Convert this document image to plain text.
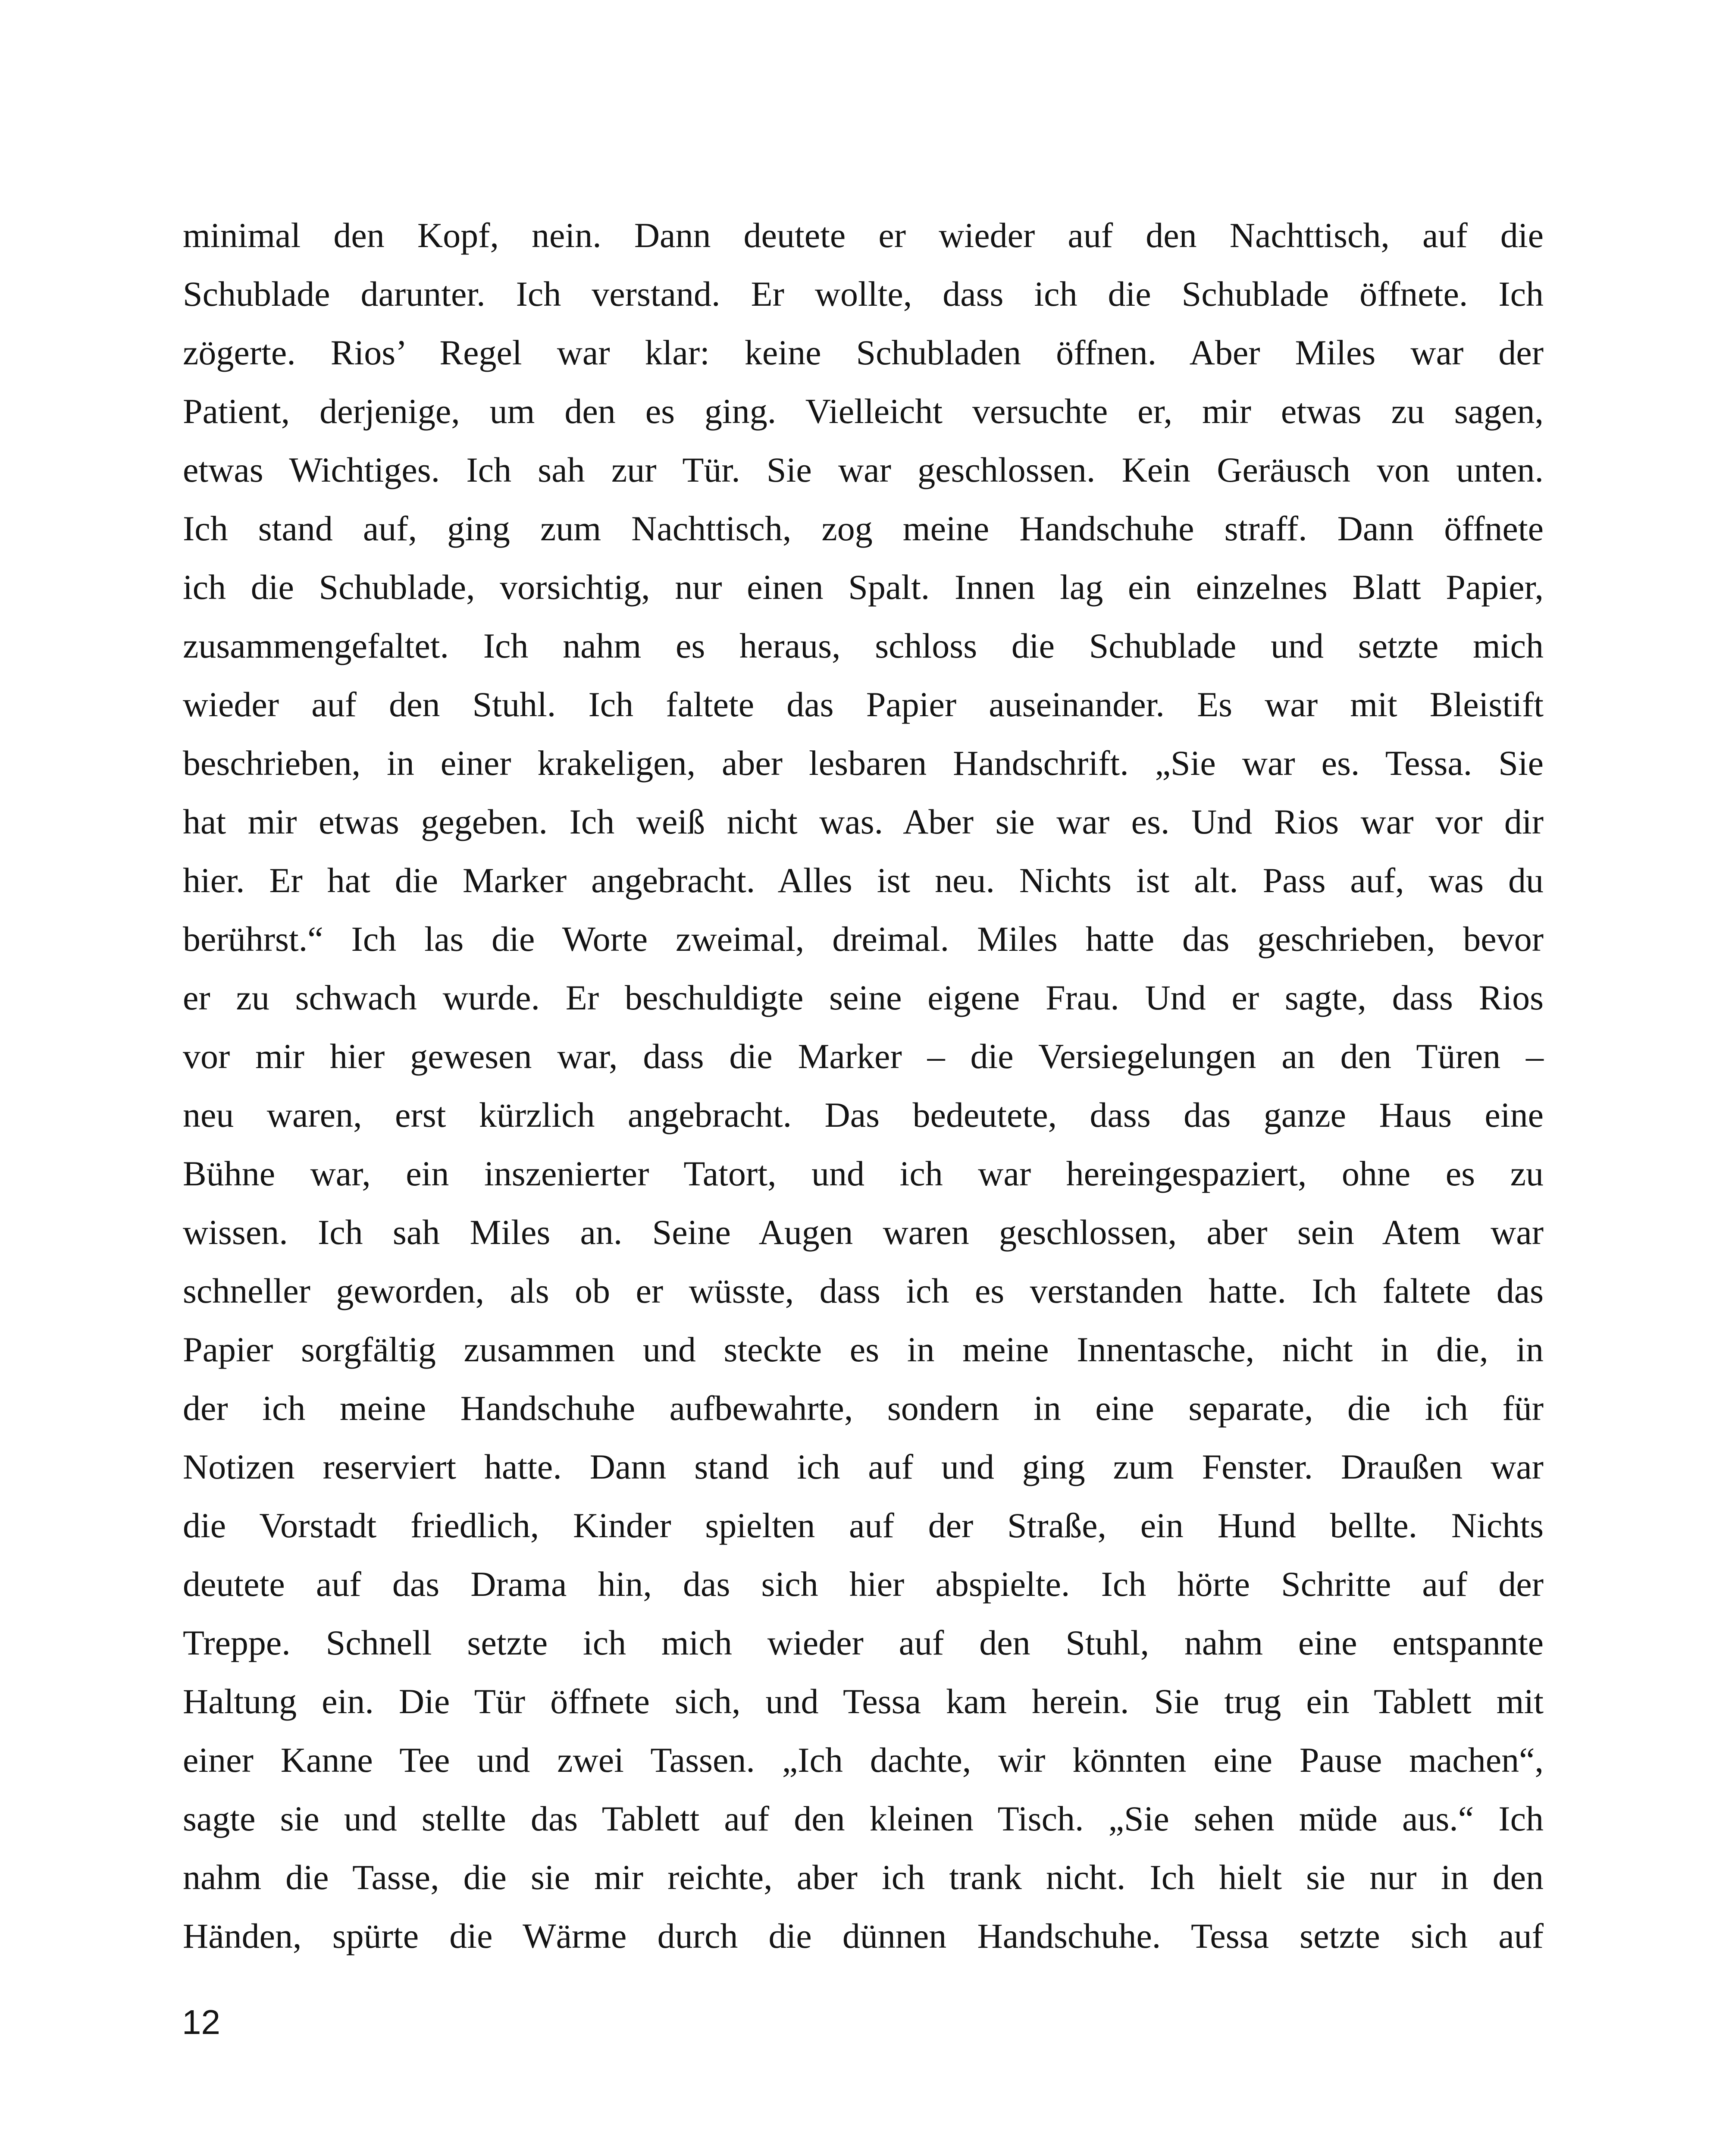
minimal den Kopf, nein. Dann deutete er wieder auf den Nachttisch, auf die
Schublade darunter. Ich verstand. Er wollte, dass ich die Schublade öffnete. Ich
zögerte. Rios’ Regel war klar: keine Schubladen öffnen. Aber Miles war der
Patient, derjenige, um den es ging. Vielleicht versuchte er, mir etwas zu sagen,
etwas Wichtiges. Ich sah zur Tür. Sie war geschlossen. Kein Geräusch von unten.
Ich stand auf, ging zum Nachttisch, zog meine Handschuhe straff. Dann öffnete
ich die Schublade, vorsichtig, nur einen Spalt. Innen lag ein einzelnes Blatt Papier,
zusammengefaltet. Ich nahm es heraus, schloss die Schublade und setzte mich
wieder auf den Stuhl. Ich faltete das Papier auseinander. Es war mit Bleistift
beschrieben, in einer krakeligen, aber lesbaren Handschrift. „Sie war es. Tessa. Sie
hat mir etwas gegeben. Ich weiß nicht was. Aber sie war es. Und Rios war vor dir
hier. Er hat die Marker angebracht. Alles ist neu. Nichts ist alt. Pass auf, was du
berührst.“ Ich las die Worte zweimal, dreimal. Miles hatte das geschrieben, bevor
er zu schwach wurde. Er beschuldigte seine eigene Frau. Und er sagte, dass Rios
vor mir hier gewesen war, dass die Marker – die Versiegelungen an den Türen –
neu waren, erst kürzlich angebracht. Das bedeutete, dass das ganze Haus eine
Bühne war, ein inszenierter Tatort, und ich war hereingespaziert, ohne es zu
wissen. Ich sah Miles an. Seine Augen waren geschlossen, aber sein Atem war
schneller geworden, als ob er wüsste, dass ich es verstanden hatte. Ich faltete das
Papier sorgfältig zusammen und steckte es in meine Innentasche, nicht in die, in
der ich meine Handschuhe aufbewahrte, sondern in eine separate, die ich für
Notizen reserviert hatte. Dann stand ich auf und ging zum Fenster. Draußen war
die Vorstadt friedlich, Kinder spielten auf der Straße, ein Hund bellte. Nichts
deutete auf das Drama hin, das sich hier abspielte. Ich hörte Schritte auf der
Treppe. Schnell setzte ich mich wieder auf den Stuhl, nahm eine entspannte
Haltung ein. Die Tür öffnete sich, und Tessa kam herein. Sie trug ein Tablett mit
einer Kanne Tee und zwei Tassen. „Ich dachte, wir könnten eine Pause machen“,
sagte sie und stellte das Tablett auf den kleinen Tisch. „Sie sehen müde aus.“ Ich
nahm die Tasse, die sie mir reichte, aber ich trank nicht. Ich hielt sie nur in den
Händen, spürte die Wärme durch die dünnen Handschuhe. Tessa setzte sich auf
12
